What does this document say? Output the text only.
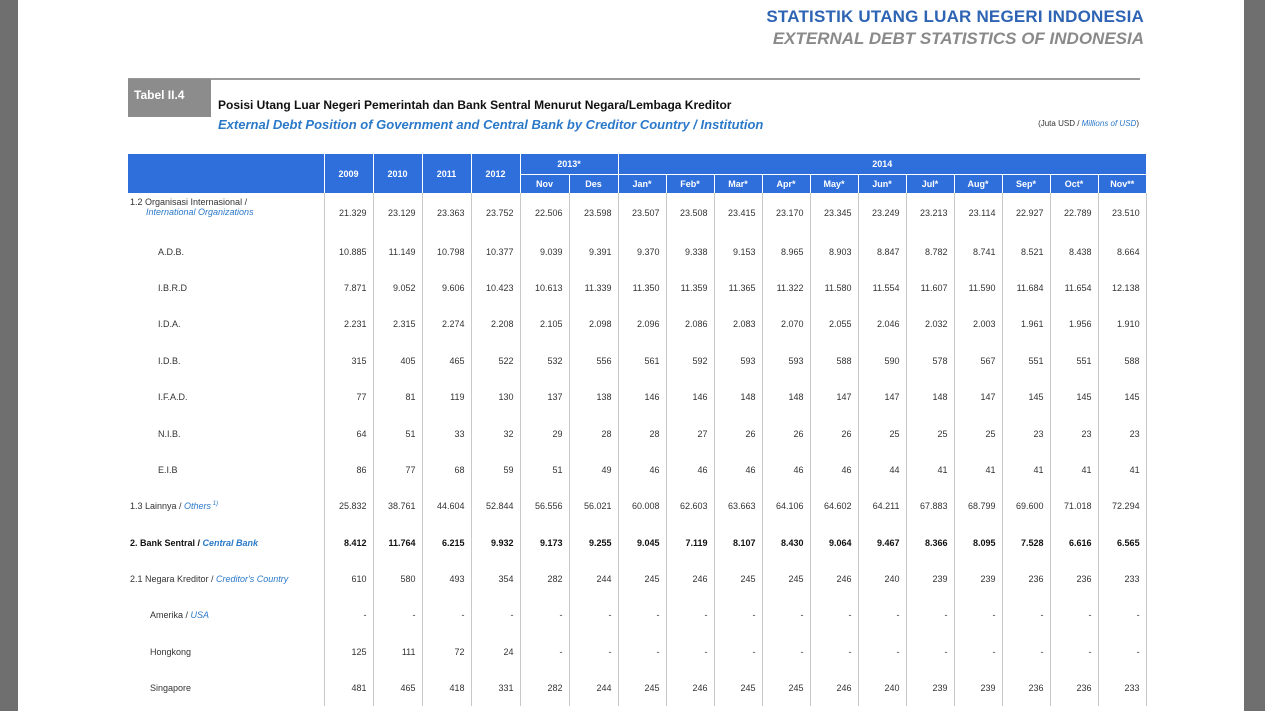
STATISTIK UTANG LUAR NEGERI INDONESIA
EXTERNAL DEBT STATISTICS OF INDONESIA
Tabel II.4
Posisi Utang Luar Negeri Pemerintah dan Bank Sentral Menurut Negara/Lembaga Kreditor
External Debt Position of Government and Central Bank by Creditor Country / Institution	(Juta USD / Millions of USD)
	2009	2010	2011	2012	2013*		2014										
					Nov	Des	Jan*	Feb*	Mar*	Apr*	May*	Jun*	Jul*	Aug*	Sep*	Oct*	Nov**
1.2 Organisasi Internasional /
International Organizations	21.329	23.129	23.363	23.752	22.506	23.598	23.507	23.508	23.415	23.170	23.345	23.249	23.213	23.114	22.927	22.789	23.510
A.D.B.	10.885	11.149	10.798	10.377	9.039	9.391	9.370	9.338	9.153	8.965	8.903	8.847	8.782	8.741	8.521	8.438	8.664
I.B.R.D	7.871	9.052	9.606	10.423	10.613	11.339	11.350	11.359	11.365	11.322	11.580	11.554	11.607	11.590	11.684	11.654	12.138
I.D.A.	2.231	2.315	2.274	2.208	2.105	2.098	2.096	2.086	2.083	2.070	2.055	2.046	2.032	2.003	1.961	1.956	1.910
I.D.B.	315	405	465	522	532	556	561	592	593	593	588	590	578	567	551	551	588
I.F.A.D.	77	81	119	130	137	138	146	146	148	148	147	147	148	147	145	145	145
N.I.B.	64	51	33	32	29	28	28	27	26	26	26	25	25	25	23	23	23
E.I.B	86	77	68	59	51	49	46	46	46	46	46	44	41	41	41	41	41
1.3 Lainnya / Others $^{1)}$	25.832	38.761	44.604	52.844	56.556	56.021	60.008	62.603	63.663	64.106	64.602	64.211	67.883	68.799	69.600	71.018	72.294
2. Bank Sentral / Central Bank	8.412	11.764	6.215	9.932	9.173	9.255	9.045	7.119	8.107	8.430	9.064	9.467	8.366	8.095	7.528	6.616	6.565
2.1 Negara Kreditor / Creditor's Country	610	580	493	354	282	244	245	246	245	245	246	240	239	239	236	236	233
Amerika / USA	-	-	-	-	-	-	-	-	-	-	-	-	-	-	-	-	-
Hongkong	125	111	72	24	-	-	-	-	-	-	-	-	-	-	-	-	-
Singapore	481	465	418	331	282	244	245	246	245	245	246	240	239	239	236	236	233
